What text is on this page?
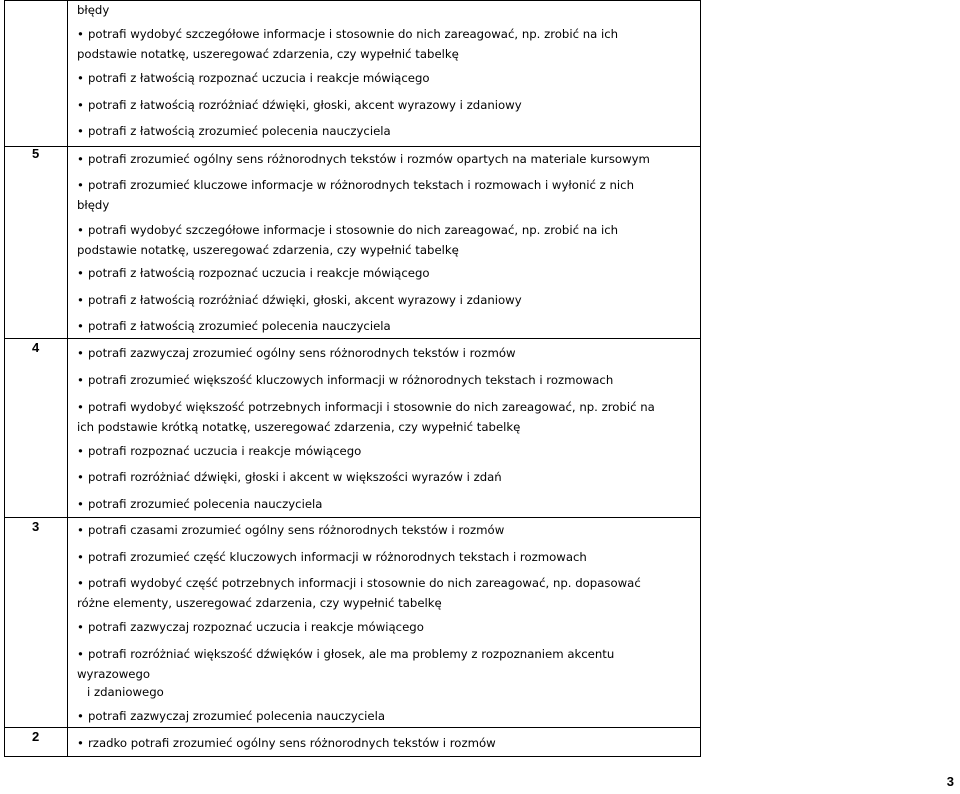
błędy
• potrafi wydobyć szczegółowe informacje i stosownie do nich zareagować, np. zrobić na ich
podstawie notatkę, uszeregować zdarzenia, czy wypełnić tabelkę
• potrafi z łatwością rozpoznać uczucia i reakcje mówiącego
• potrafi z łatwością rozróżniać dźwięki, głoski, akcent wyrazowy i zdaniowy
• potrafi z łatwością zrozumieć polecenia nauczyciela
5	• potrafi zrozumieć ogólny sens różnorodnych tekstów i rozmów opartych na materiale kursowym
• potrafi zrozumieć kluczowe informacje w różnorodnych tekstach i rozmowach i wyłonić z nich
błędy
• potrafi wydobyć szczegółowe informacje i stosownie do nich zareagować, np. zrobić na ich
podstawie notatkę, uszeregować zdarzenia, czy wypełnić tabelkę
• potrafi z łatwością rozpoznać uczucia i reakcje mówiącego
• potrafi z łatwością rozróżniać dźwięki, głoski, akcent wyrazowy i zdaniowy
• potrafi z łatwością zrozumieć polecenia nauczyciela
4	• potrafi zazwyczaj zrozumieć ogólny sens różnorodnych tekstów i rozmów
• potrafi zrozumieć większość kluczowych informacji w różnorodnych tekstach i rozmowach
• potrafi wydobyć większość potrzebnych informacji i stosownie do nich zareagować, np. zrobić na
ich podstawie krótką notatkę, uszeregować zdarzenia, czy wypełnić tabelkę
• potrafi rozpoznać uczucia i reakcje mówiącego
• potrafi rozróżniać dźwięki, głoski i akcent w większości wyrazów i zdań
• potrafi zrozumieć polecenia nauczyciela
3	• potrafi czasami zrozumieć ogólny sens różnorodnych tekstów i rozmów
• potrafi zrozumieć część kluczowych informacji w różnorodnych tekstach i rozmowach
• potrafi wydobyć część potrzebnych informacji i stosownie do nich zareagować, np. dopasować
różne elementy, uszeregować zdarzenia, czy wypełnić tabelkę
• potrafi zazwyczaj rozpoznać uczucia i reakcje mówiącego
• potrafi rozróżniać większość dźwięków i głosek, ale ma problemy z rozpoznaniem akcentu
wyrazowego
i zdaniowego
• potrafi zazwyczaj zrozumieć polecenia nauczyciela
2	• rzadko potrafi zrozumieć ogólny sens różnorodnych tekstów i rozmów
3
